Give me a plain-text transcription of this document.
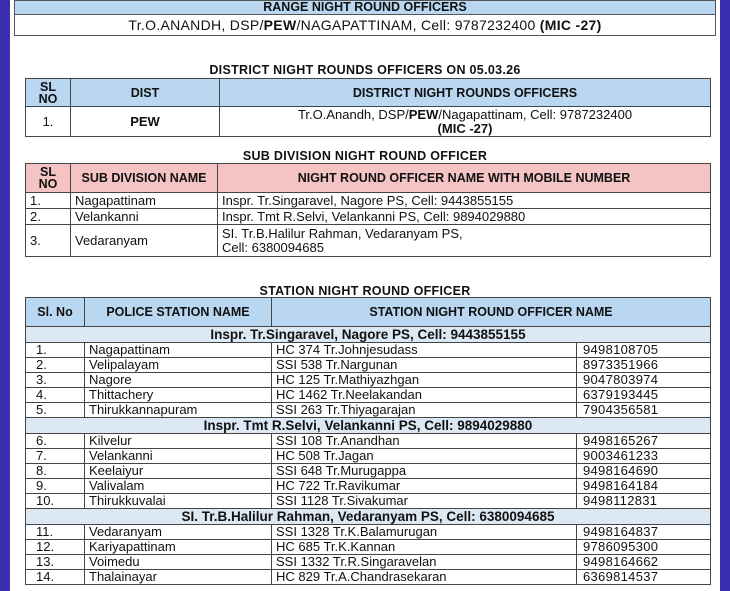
RANGE NIGHT ROUND OFFICERS
Tr.O.ANANDH, DSP/PEW/NAGAPATTINAM, Cell: 9787232400 (MIC -27)
DISTRICT NIGHT ROUNDS OFFICERS ON 05.03.26
SL NO	DIST	DISTRICT NIGHT ROUNDS OFFICERS
1.	PEW	Tr.O.Anandh, DSP/PEW/Nagapattinam, Cell: 9787232400
(MIC -27)
SUB DIVISION NIGHT ROUND OFFICER
SL NO	SUB DIVISION NAME	NIGHT ROUND OFFICER NAME WITH MOBILE NUMBER
1.	Nagapattinam	Inspr. Tr.Singaravel, Nagore PS, Cell: 9443855155
2.	Velankanni	Inspr. Tmt R.Selvi, Velankanni PS, Cell: 9894029880
3.	Vedaranyam	SI. Tr.B.Halilur Rahman, Vedaranyam PS,
Cell: 6380094685
STATION NIGHT ROUND OFFICER
Sl. No	POLICE STATION NAME	STATION NIGHT ROUND OFFICER NAME	
Inspr. Tr.Singaravel, Nagore PS, Cell: 9443855155			
1.	Nagapattinam	HC 374 Tr.Johnjesudass	9498108705
2.	Velipalayam	SSI 538 Tr.Nargunan	8973351966
3.	Nagore	HC 125 Tr.Mathiyazhgan	9047803974
4.	Thittachery	HC 1462 Tr.Neelakandan	6379193445
5.	Thirukkannapuram	SSI 263 Tr.Thiyagarajan	7904356581
Inspr. Tmt R.Selvi, Velankanni PS, Cell: 9894029880			
6.	Kilvelur	SSI 108 Tr.Anandhan	9498165267
7.	Velankanni	HC 508 Tr.Jagan	9003461233
8.	Keelaiyur	SSI 648 Tr.Murugappa	9498164690
9.	Valivalam	HC 722 Tr.Ravikumar	9498164184
10.	Thirukkuvalai	SSI 1128 Tr.Sivakumar	9498112831
SI. Tr.B.Halilur Rahman, Vedaranyam PS, Cell: 6380094685			
11.	Vedaranyam	SSI 1328 Tr.K.Balamurugan	9498164837
12.	Kariyapattinam	HC 685 Tr.K.Kannan	9786095300
13.	Voimedu	SSI 1332 Tr.R.Singaravelan	9498164662
14.	Thalainayar	HC 829 Tr.A.Chandrasekaran	6369814537
